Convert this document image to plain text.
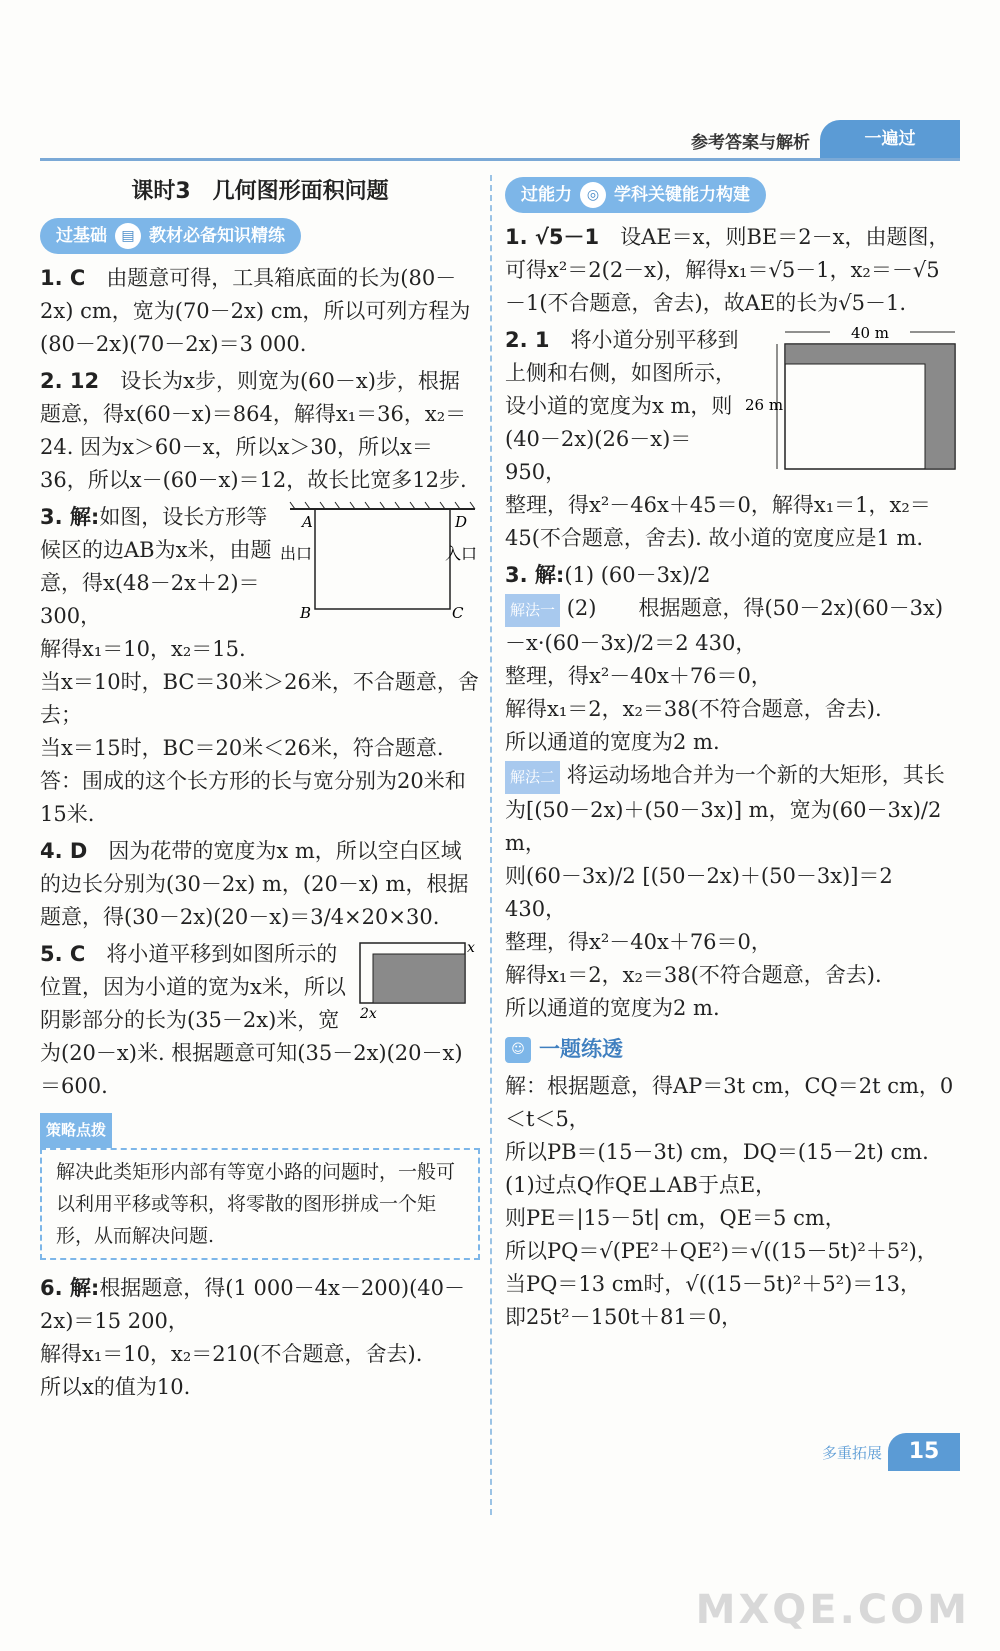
参考答案与解析	一遍过
课时3　几何图形面积问题
过基础	▤ 教材必备知识精练
1. C　 由题意可得，工具箱底面的长为(80－2x) cm，宽为(70－2x) cm，所以可列方程为(80－2x)(70－2x)＝3 000.
2. 12　 设长为x步，则宽为(60－x)步，根据题意，得x(60－x)＝864，解得x₁＝36，x₂＝24. 因为x＞60－x，所以x＞30，所以x＝36，所以x－(60－x)＝12，故长比宽多12步.
A	D
B	C
出口	入口
3. 解:如图，设长方形等候区的边AB为x米，由题意，得x(48－2x＋2)＝300，
解得x₁＝10，x₂＝15.
当x＝10时，BC＝30米＞26米，不合题意，舍去；
当x＝15时，BC＝20米＜26米，符合题意.
答：围成的这个长方形的长与宽分别为20米和15米.
4. D　 因为花带的宽度为x m，所以空白区域的边长分别为(30－2x) m，(20－x) m，根据题意，得(30－2x)(20－x)＝3/4×20×30.
x
2x
5. C　 将小道平移到如图所示的位置，因为小道的宽为x米，所以阴影部分的长为(35－2x)米，宽为(20－x)米. 根据题意可知(35－2x)(20－x)＝600.
策略点拨
解决此类矩形内部有等宽小路的问题时，一般可以利用平移或等积，将零散的图形拼成一个矩形，从而解决问题.
6. 解:根据题意，得(1 000－4x－200)(40－2x)＝15 200，
解得x₁＝10，x₂＝210(不合题意，舍去).
所以x的值为10.
过能力	◎ 学科关键能力构建
1. √5－1　 设AE＝x，则BE＝2－x，由题图，可得x²＝2(2－x)，解得x₁＝√5－1，x₂＝－√5－1(不合题意，舍去)，故AE的长为√5－1.
40 m
26 m
2. 1　 将小道分别平移到上侧和右侧，如图所示，设小道的宽度为x m，则(40－2x)(26－x)＝950，
整理，得x²－46x＋45＝0，解得x₁＝1，x₂＝45(不合题意，舍去). 故小道的宽度应是1 m.
3. 解:(1) (60－3x)/2
解法一 (2)　　根据题意，得(50－2x)(60－3x)－x·(60－3x)/2＝2 430，
整理，得x²－40x＋76＝0，
解得x₁＝2，x₂＝38(不符合题意，舍去).
所以通道的宽度为2 m.
解法二 将运动场地合并为一个新的大矩形，其长为[(50－2x)＋(50－3x)] m，宽为(60－3x)/2 m，
则(60－3x)/2 [(50－2x)＋(50－3x)]＝2 430，
整理，得x²－40x＋76＝0，
解得x₁＝2，x₂＝38(不符合题意，舍去).
所以通道的宽度为2 m.
☺ 一题练透
解：根据题意，得AP＝3t cm，CQ＝2t cm，0＜t＜5，
所以PB＝(15－3t) cm，DQ＝(15－2t) cm.
(1)过点Q作QE⊥AB于点E，
则PE＝|15－5t| cm，QE＝5 cm，
所以PQ＝√(PE²＋QE²)＝√((15－5t)²＋5²)，
当PQ＝13 cm时，√((15－5t)²＋5²)＝13，
即25t²－150t＋81＝0，
多重拓展	15
MXQE.COM
